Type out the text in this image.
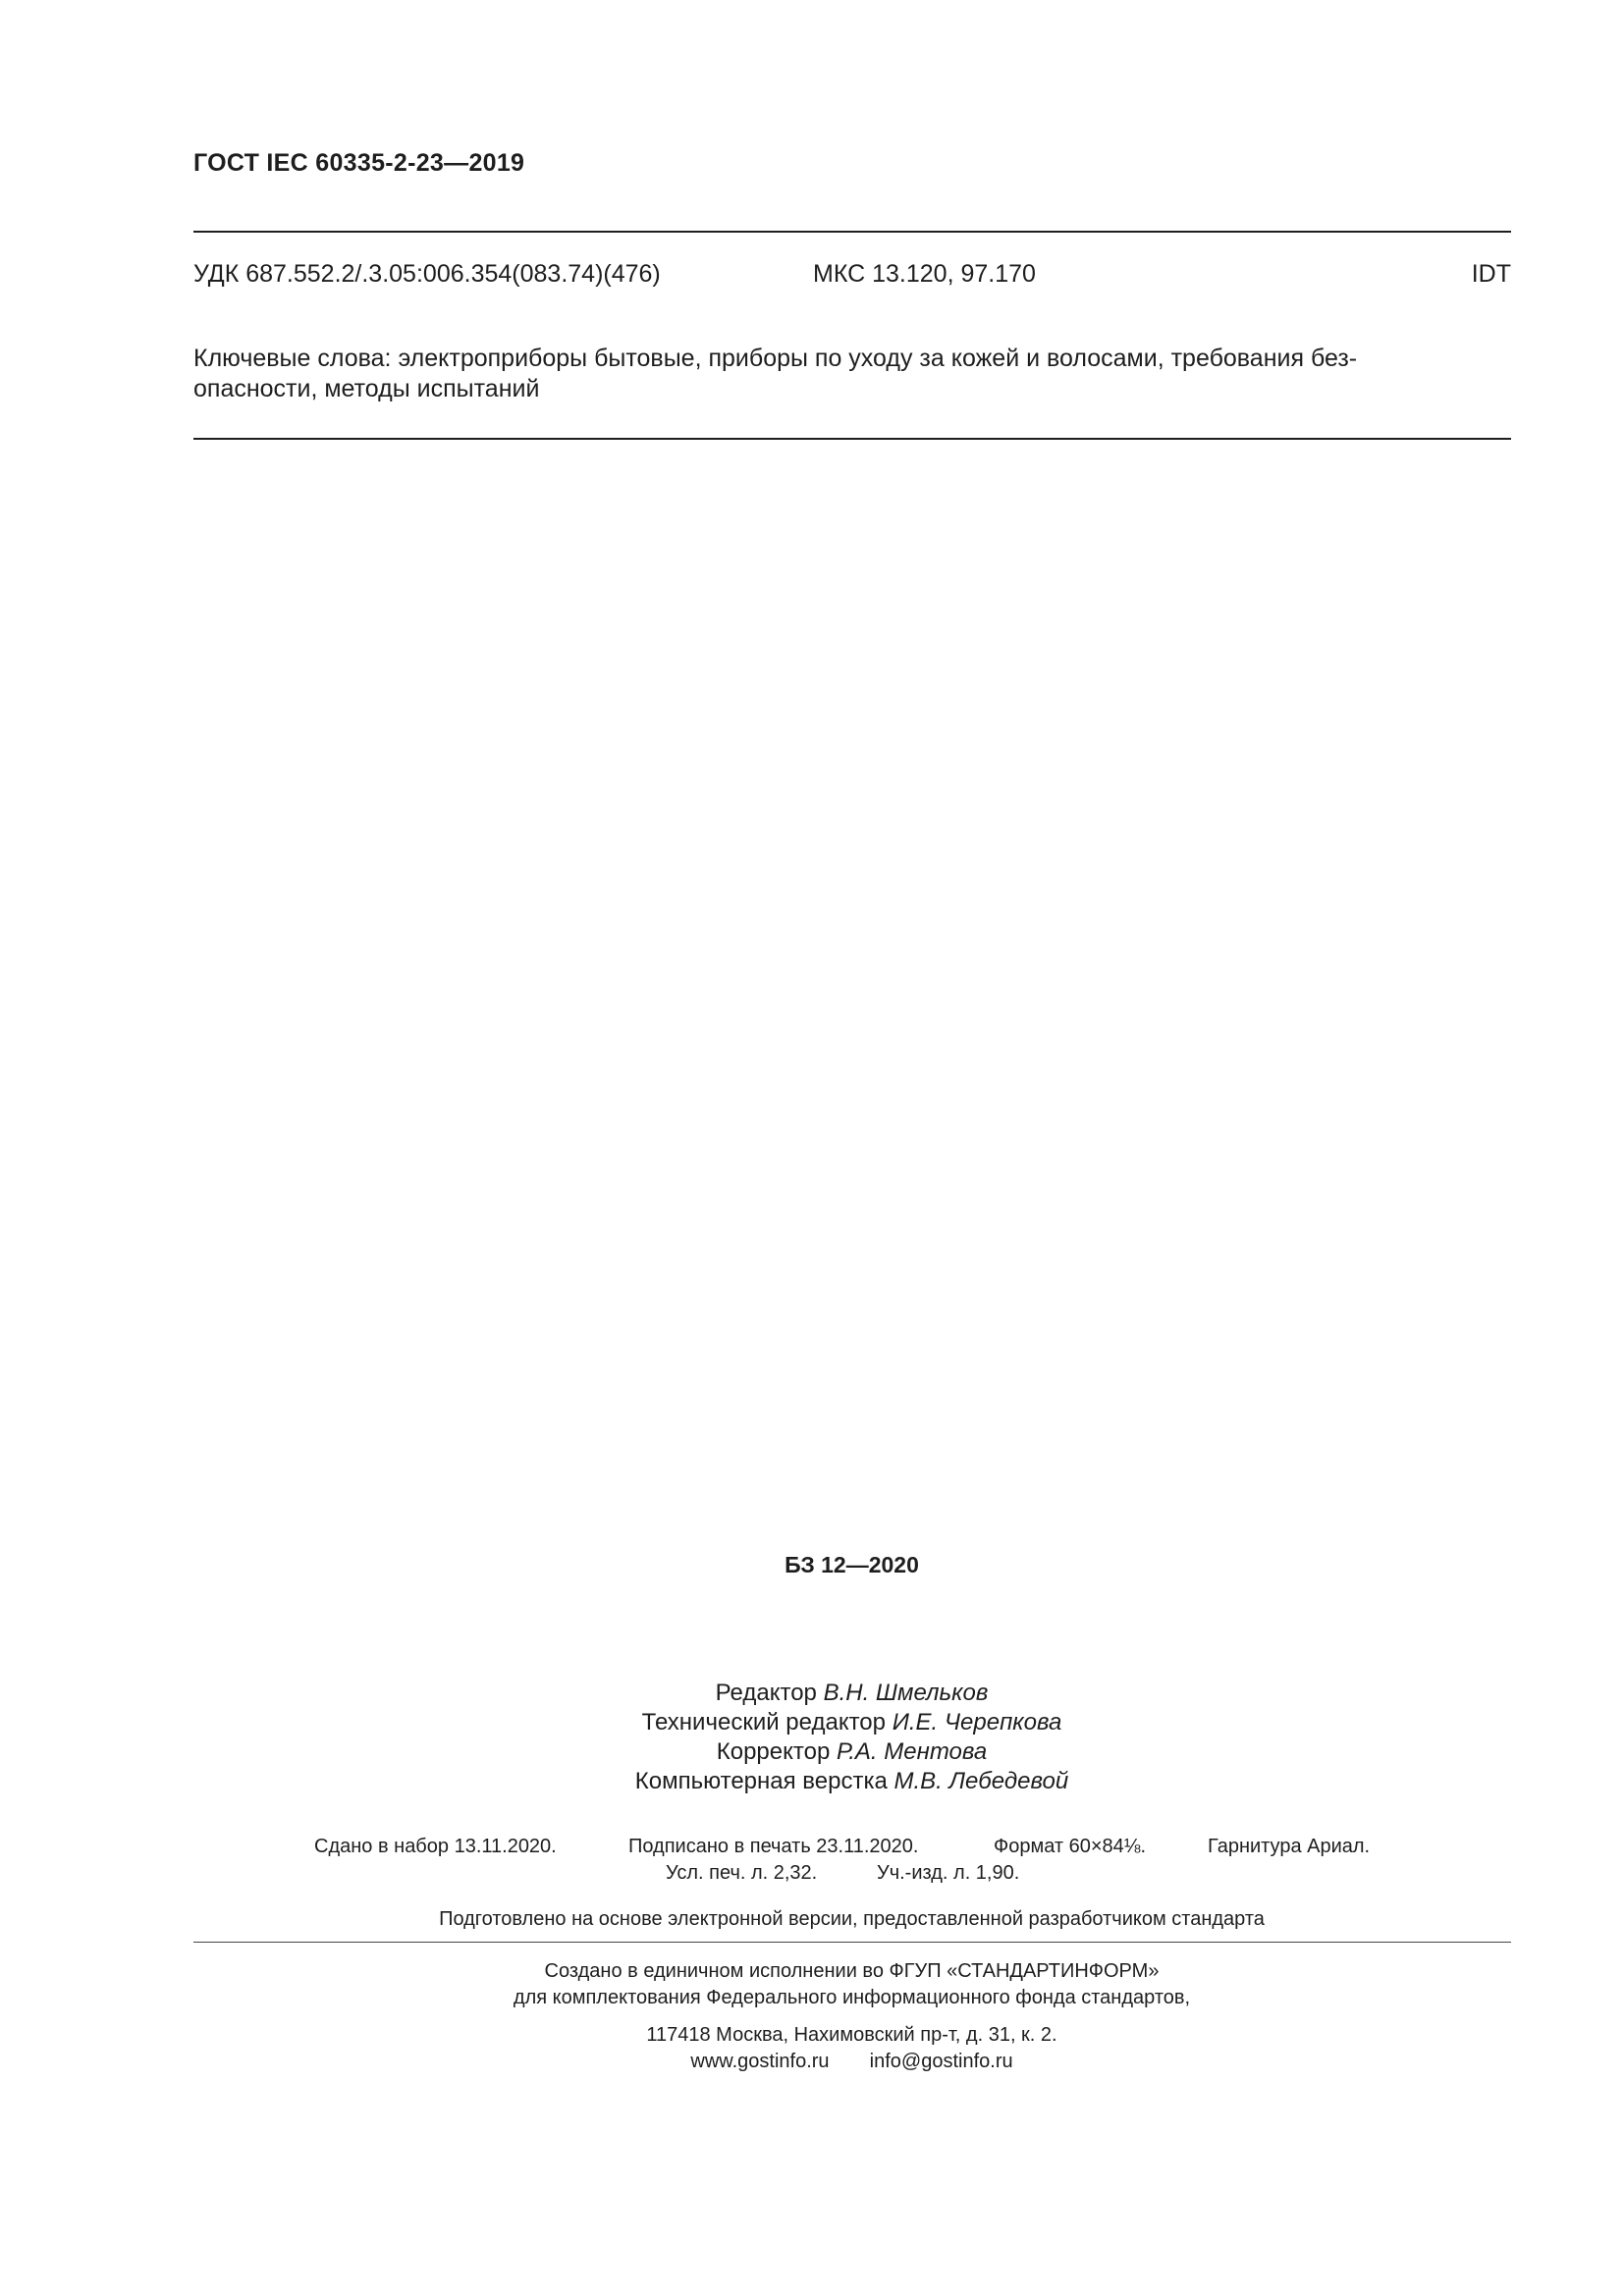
ГОСТ IEC 60335-2-23—2019
УДК 687.552.2/.3.05:006.354(083.74)(476)	МКС 13.120, 97.170	IDT
Ключевые слова: электроприборы бытовые, приборы по уходу за кожей и волосами, требования без-
опасности, методы испытаний
БЗ 12—2020
Редактор В.Н. Шмельков
Технический редактор И.Е. Черепкова
Корректор Р.А. Ментова
Компьютерная верстка М.В. Лебедевой
Сдано в набор 13.11.2020.	Подписано в печать 23.11.2020.	Формат 60×84⅛.	Гарнитура Ариал.
Усл. печ. л. 2,32.	Уч.-изд. л. 1,90.
Подготовлено на основе электронной версии, предоставленной разработчиком стандарта
Создано в единичном исполнении во ФГУП «СТАНДАРТИНФОРМ»
для комплектования Федерального информационного фонда стандартов,
117418 Москва, Нахимовский пр-т, д. 31, к. 2.
www.gostinfo.ru info@gostinfo.ru
